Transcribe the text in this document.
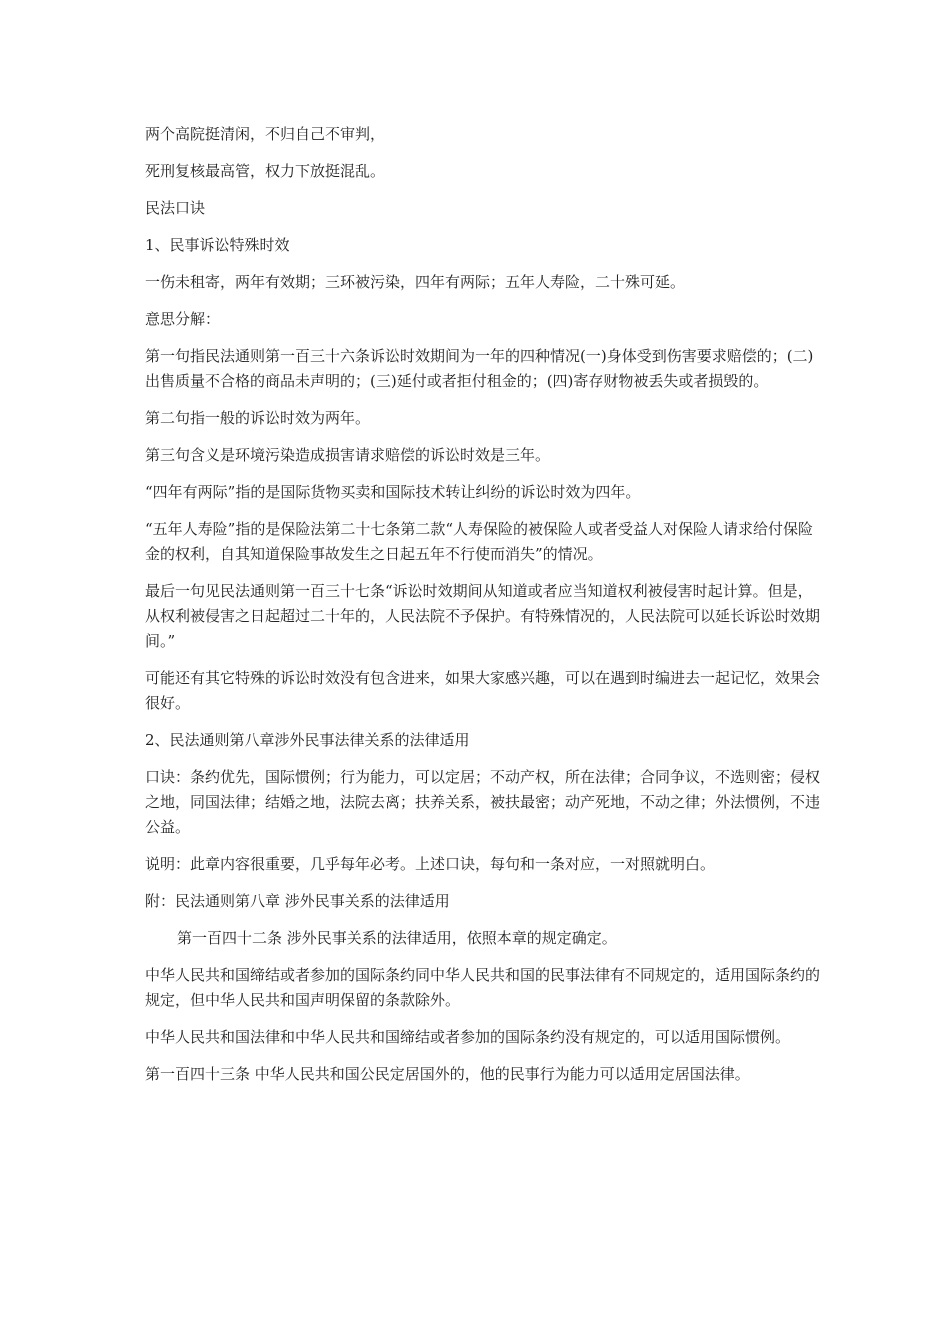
两个高院挺清闲，不归自己不审判，

死刑复核最高管，权力下放挺混乱。

民法口诀

1、民事诉讼特殊时效

一伤未租寄，两年有效期；三环被污染，四年有两际；五年人寿险，二十殊可延。

意思分解：

第一句指民法通则第一百三十六条诉讼时效期间为一年的四种情况(一)身体受到伤害要求赔偿的；(二)出售质量不合格的商品未声明的；(三)延付或者拒付租金的；(四)寄存财物被丢失或者损毁的。

第二句指一般的诉讼时效为两年。

第三句含义是环境污染造成损害请求赔偿的诉讼时效是三年。

“四年有两际”指的是国际货物买卖和国际技术转让纠纷的诉讼时效为四年。

“五年人寿险”指的是保险法第二十七条第二款“人寿保险的被保险人或者受益人对保险人请求给付保险金的权利，自其知道保险事故发生之日起五年不行使而消失”的情况。

最后一句见民法通则第一百三十七条“诉讼时效期间从知道或者应当知道权利被侵害时起计算。但是，从权利被侵害之日起超过二十年的，人民法院不予保护。有特殊情况的，人民法院可以延长诉讼时效期间。”

可能还有其它特殊的诉讼时效没有包含进来，如果大家感兴趣，可以在遇到时编进去一起记忆，效果会很好。

2、民法通则第八章涉外民事法律关系的法律适用

口诀：条约优先，国际惯例；行为能力，可以定居；不动产权，所在法律；合同争议，不选则密；侵权之地，同国法律；结婚之地，法院去离；扶养关系，被扶最密；动产死地，不动之律；外法惯例，不违公益。

说明：此章内容很重要，几乎每年必考。上述口诀，每句和一条对应，一对照就明白。

附：民法通则第八章 涉外民事关系的法律适用

第一百四十二条 涉外民事关系的法律适用，依照本章的规定确定。

中华人民共和国缔结或者参加的国际条约同中华人民共和国的民事法律有不同规定的，适用国际条约的规定，但中华人民共和国声明保留的条款除外。

中华人民共和国法律和中华人民共和国缔结或者参加的国际条约没有规定的，可以适用国际惯例。

第一百四十三条 中华人民共和国公民定居国外的，他的民事行为能力可以适用定居国法律。
